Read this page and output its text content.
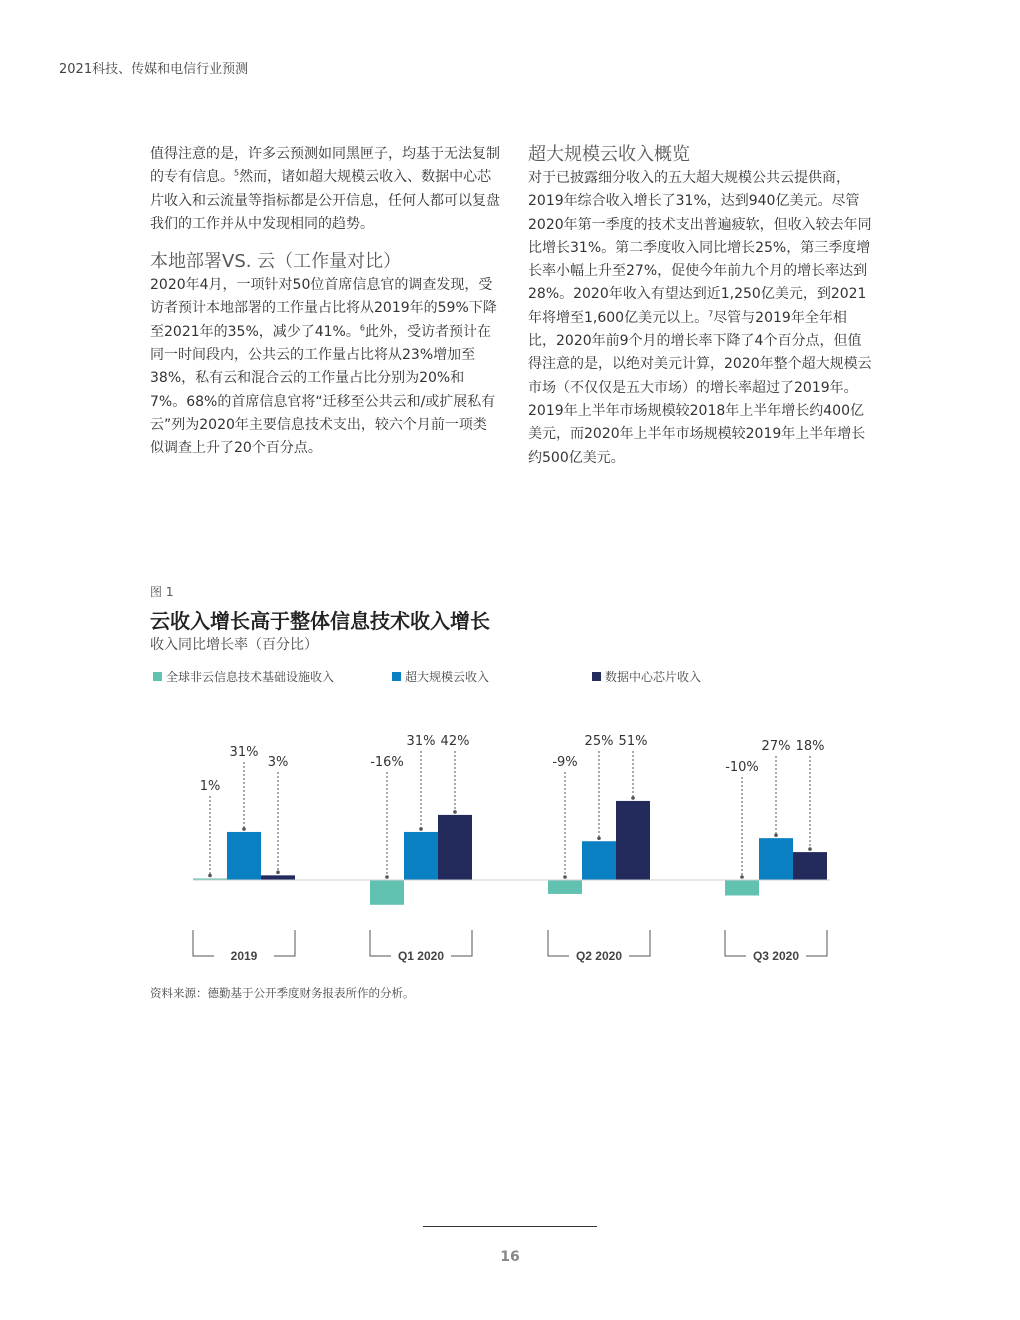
2021科技、传媒和电信行业预测

值得注意的是，许多云预测如同黑匣子，均基于无法复制的专有信息。$^5$然而，诸如超大规模云收入、数据中心芯片收入和云流量等指标都是公开信息，任何人都可以复盘我们的工作并从中发现相同的趋势。

本地部署VS. 云（工作量对比）

2020年4月，一项针对50位首席信息官的调查发现，受访者预计本地部署的工作量占比将从2019年的59%下降至2021年的35%，减少了41%。$^6$此外，受访者预计在同一时间段内，公共云的工作量占比将从23%增加至38%，私有云和混合云的工作量占比分别为20%和7%。68%的首席信息官将“迁移至公共云和/或扩展私有云”列为2020年主要信息技术支出，较六个月前一项类似调查上升了20个百分点。

超大规模云收入概览

对于已披露细分收入的五大超大规模公共云提供商，2019年综合收入增长了31%，达到940亿美元。尽管2020年第一季度的技术支出普遍疲软，但收入较去年同比增长31%。第二季度收入同比增长25%，第三季度增长率小幅上升至27%，促使今年前九个月的增长率达到28%。2020年收入有望达到近1,250亿美元，到2021年将增至1,600亿美元以上。$^7$尽管与2019年全年相比，2020年前9个月的增长率下降了4个百分点，但值得注意的是，以绝对美元计算，2020年整个超大规模云市场（不仅仅是五大市场）的增长率超过了2019年。2019年上半年市场规模较2018年上半年增长约400亿美元，而2020年上半年市场规模较2019年上半年增长约500亿美元。

图 1
云收入增长高于整体信息技术收入增长
收入同比增长率（百分比）
全球非云信息技术基础设施收入	超大规模云收入	数据中心芯片收入
1%
31%
3%
2019
-16%
31% 42%
Q1 2020
-9%
25% 51%
Q2 2020
-10%
27% 18%
Q3 2020
资料来源：德勤基于公开季度财务报表所作的分析。
16
